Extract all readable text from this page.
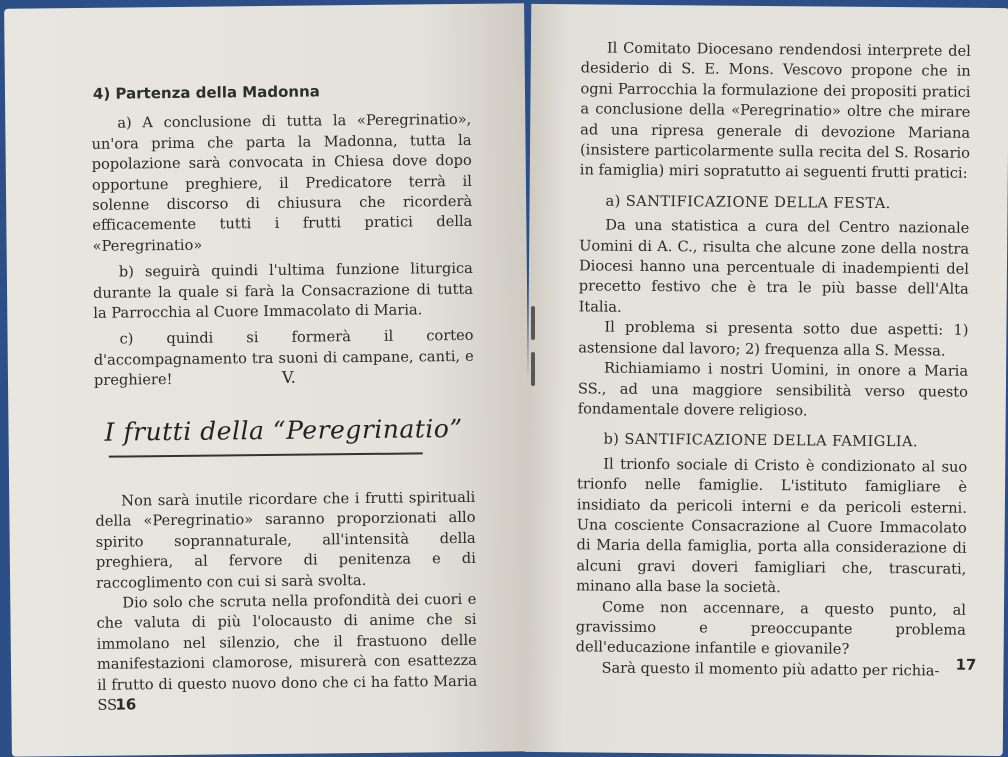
4) Partenza della Madonna

a) A conclusione di tutta la «Peregrinatio», un'ora prima che parta la Madonna, tutta la popolazione sarà convocata in Chiesa dove dopo opportune preghiere, il Predicatore terrà il solenne discorso di chiusura che ricorderà efficacemente tutti i frutti pratici della «Peregrinatio»

b) seguirà quindi l'ultima funzione liturgica durante la quale si farà la Consacrazione di tutta la Parrocchia al Cuore Immacolato di Maria.

c) quindi si formerà il corteo d'accompagnamento tra suoni di campane, canti, e preghiere!	V.
I frutti della “Peregrinatio”

Non sarà inutile ricordare che i frutti spirituali della «Peregrinatio» saranno proporzionati allo spirito soprannaturale, all'intensità della preghiera, al fervore di penitenza e di raccoglimento con cui si sarà svolta.

Dio solo che scruta nella profondità dei cuori e che valuta di più l'olocausto di anime che si immolano nel silenzio, che il frastuono delle manifestazioni clamorose, misurerà con esattezza il frutto di questo nuovo dono che ci ha fatto Maria SS.

16

Il Comitato Diocesano rendendosi interprete del desiderio di S. E. Mons. Vescovo propone che in ogni Parrocchia la formulazione dei propositi pratici a conclusione della «Peregrinatio» oltre che mirare ad una ripresa generale di devozione Mariana (insistere particolarmente sulla recita del S. Rosario in famiglia) miri sopratutto ai seguenti frutti pratici:

a) SANTIFICAZIONE DELLA FESTA.

Da una statistica a cura del Centro nazionale Uomini di A. C., risulta che alcune zone della nostra Diocesi hanno una percentuale di inadempienti del precetto festivo che è tra le più basse dell'Alta Italia.

Il problema si presenta sotto due aspetti: 1) astensione dal lavoro; 2) frequenza alla S. Messa.

Richiamiamo i nostri Uomini, in onore a Maria SS., ad una maggiore sensibilità verso questo fondamentale dovere religioso.

b) SANTIFICAZIONE DELLA FAMIGLIA.

Il trionfo sociale di Cristo è condizionato al suo trionfo nelle famiglie. L'istituto famigliare è insidiato da pericoli interni e da pericoli esterni. Una cosciente Consacrazione al Cuore Immacolato di Maria della famiglia, porta alla considerazione di alcuni gravi doveri famigliari che, trascurati, minano alla base la società.

Come non accennare, a questo punto, al gravissimo e preoccupante problema dell'educazione infantile e giovanile?

Sarà questo il momento più adatto per richia-	17
